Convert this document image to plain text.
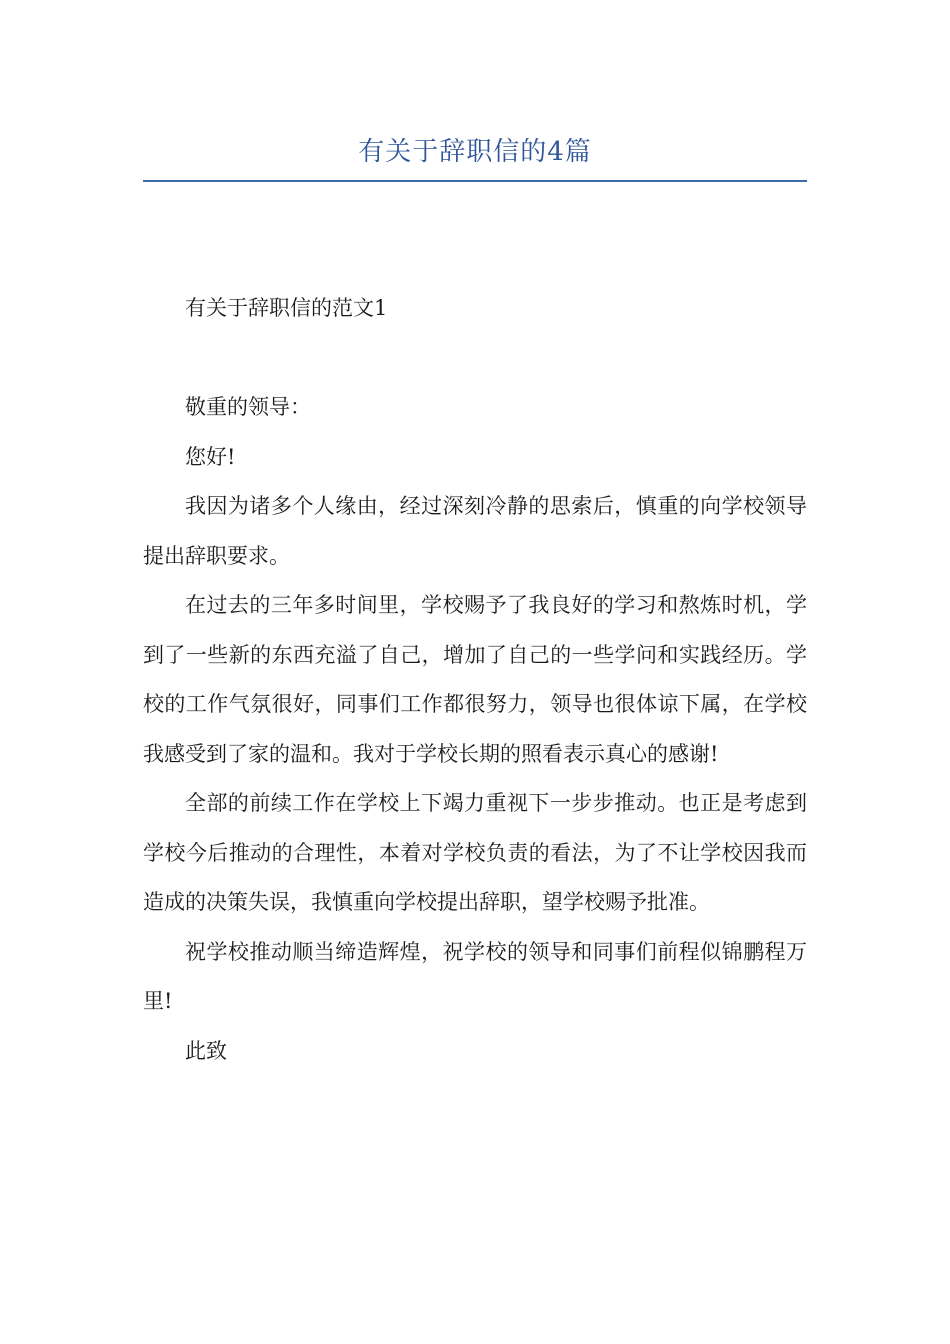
有关于辞职信的4篇

有关于辞职信的范文1

敬重的领导：

您好!

我因为诸多个人缘由，经过深刻冷静的思索后，慎重的向学校领导提出辞职要求。

在过去的三年多时间里，学校赐予了我良好的学习和熬炼时机，学到了一些新的东西充溢了自己，增加了自己的一些学问和实践经历。学校的工作气氛很好，同事们工作都很努力，领导也很体谅下属，在学校我感受到了家的温和。我对于学校长期的照看表示真心的感谢!

全部的前续工作在学校上下竭力重视下一步步推动。也正是考虑到学校今后推动的合理性，本着对学校负责的看法，为了不让学校因我而造成的决策失误，我慎重向学校提出辞职，望学校赐予批准。

祝学校推动顺当缔造辉煌，祝学校的领导和同事们前程似锦鹏程万里!

此致
